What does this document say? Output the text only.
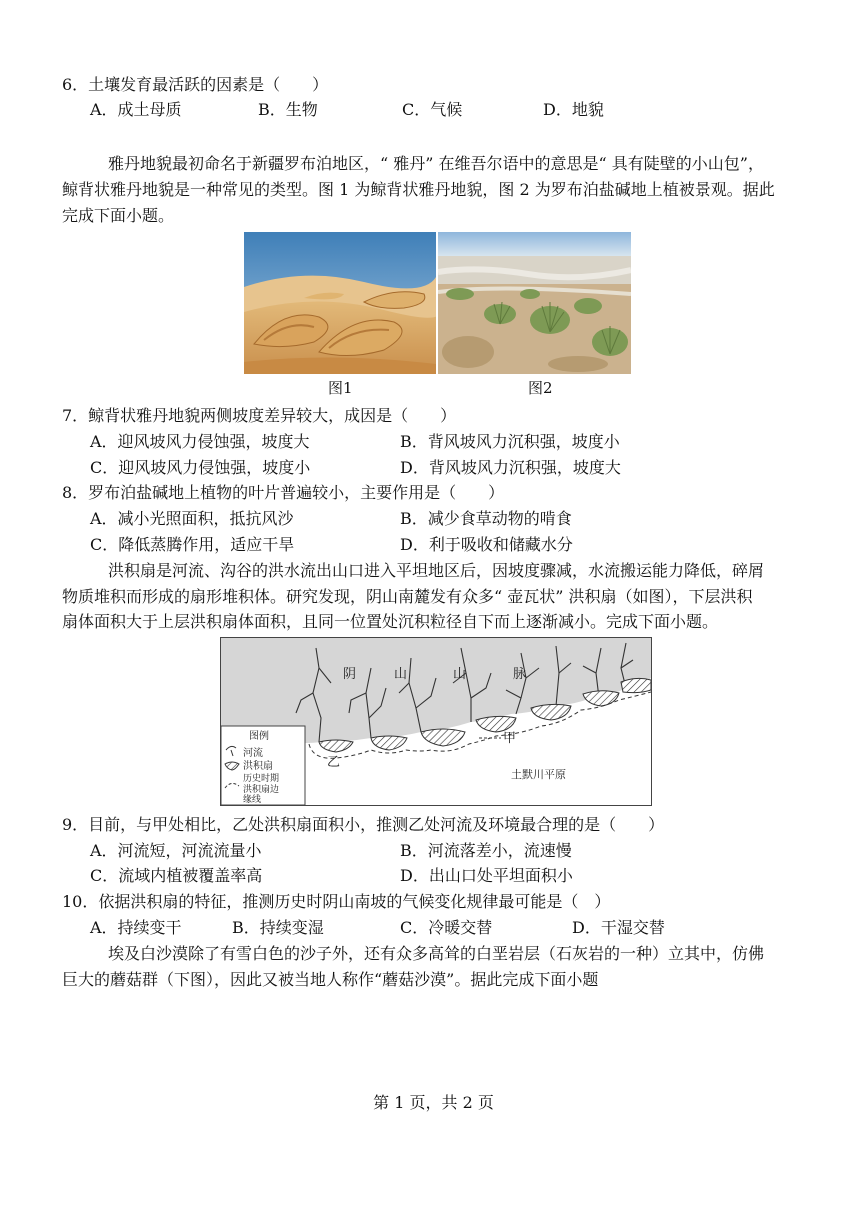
6．土壤发育最活跃的因素是（　　）
A．成土母质	B．生物	C．气候	D．地貌
雅丹地貌最初命名于新疆罗布泊地区，“ 雅丹” 在维吾尔语中的意思是“ 具有陡壁的小山包”，
鲸背状雅丹地貌是一种常见的类型。图 1 为鲸背状雅丹地貌，图 2 为罗布泊盐碱地上植被景观。据此
完成下面小题。
图1	图2
7．鲸背状雅丹地貌两侧坡度差异较大，成因是（　　）
A．迎风坡风力侵蚀强，坡度大	B．背风坡风力沉积强，坡度小
C．迎风坡风力侵蚀强，坡度小	D．背风坡风力沉积强，坡度大
8．罗布泊盐碱地上植物的叶片普遍较小，主要作用是（　　）
A．减小光照面积，抵抗风沙	B．减少食草动物的啃食
C．降低蒸腾作用，适应干旱	D．利于吸收和储藏水分
洪积扇是河流、沟谷的洪水流出山口进入平坦地区后，因坡度骤减，水流搬运能力降低，碎屑
物质堆积而形成的扇形堆积体。研究发现，阴山南麓发有众多“ 壶瓦状” 洪积扇（如图），下层洪积
扇体面积大于上层洪积扇体面积，且同一位置处沉积粒径自下而上逐渐减小。完成下面小题。
阴	山	山	脉
甲
乙
土默川平原
图例
河流
洪积扇
历史时期
洪积扇边
缘线
9．目前，与甲处相比，乙处洪积扇面积小，推测乙处河流及环境最合理的是（　　）
A．河流短，河流流量小	B．河流落差小，流速慢
C．流域内植被覆盖率高	D．出山口处平坦面积小
10．依据洪积扇的特征，推测历史时阴山南坡的气候变化规律最可能是（　）
A．持续变干	B．持续变湿	C．冷暖交替	D．干湿交替
埃及白沙漠除了有雪白色的沙子外，还有众多高耸的白垩岩层（石灰岩的一种）立其中，仿佛
巨大的蘑菇群（下图），因此又被当地人称作“蘑菇沙漠”。据此完成下面小题
第 1 页，共 2 页
